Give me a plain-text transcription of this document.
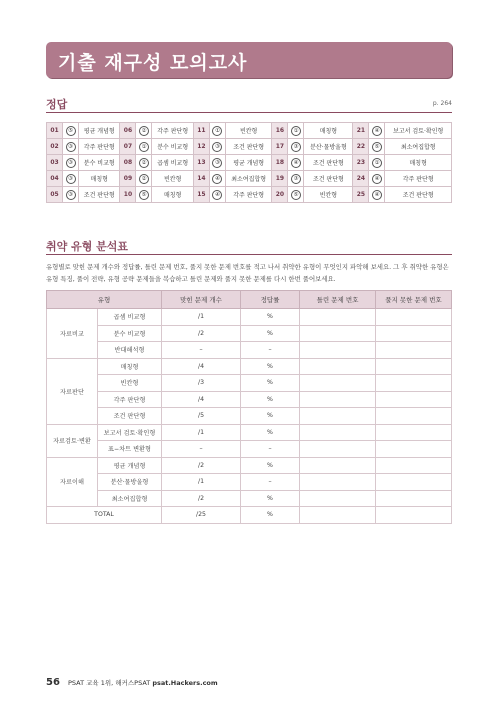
기출 재구성 모의고사
정답	p. 264
01	⑤	평균 개념형	06	②	각주 판단형	11	①	빈칸형	16	①	매칭형	21	④	보고서 검토·확인형
02	③	각주 판단형	07	①	분수 비교형	12	③	조건 판단형	17	③	분산·물방울형	22	⑤	최소여집합형
03	③	분수 비교형	08	②	곱셈 비교형	13	③	평균 개념형	18	④	조건 판단형	23	①	매칭형
04	③	매칭형	09	②	빈칸형	14	④	최소여집합형	19	③	조건 판단형	24	④	각주 판단형
05	③	조건 판단형	10	⑤	매칭형	15	④	각주 판단형	20	⑤	빈칸형	25	④	조건 판단형
취약 유형 분석표
유형별로 맞힌 문제 개수와 정답률, 틀린 문제 번호, 풀지 못한 문제 번호를 적고 나서 취약한 유형이 무엇인지 파악해 보세요. 그 후 취약한 유형은 유형 특징, 풀이 전략, 유형 공략 문제들을 복습하고 틀린 문제와 풀지 못한 문제를 다시 한번 풀어보세요.
유형		맞힌 문제 개수	정답률	틀린 문제 번호	풀지 못한 문제 번호
자료비교	곱셈 비교형	/1	%		
	분수 비교형	/2	%		
	반대해석형	–	–		
자료판단	매칭형	/4	%		
	빈칸형	/3	%		
	각주 판단형	/4	%		
	조건 판단형	/5	%		
자료검토·변환	보고서 검토·확인형	/1	%		
	표−차트 변환형	–	–		
자료이해	평균 개념형	/2	%		
	분산·물방울형	/1	–		
	최소여집합형	/2	%		
TOTAL		/25	%		
56 PSAT 교육 1위, 해커스PSAT psat.Hackers.com
